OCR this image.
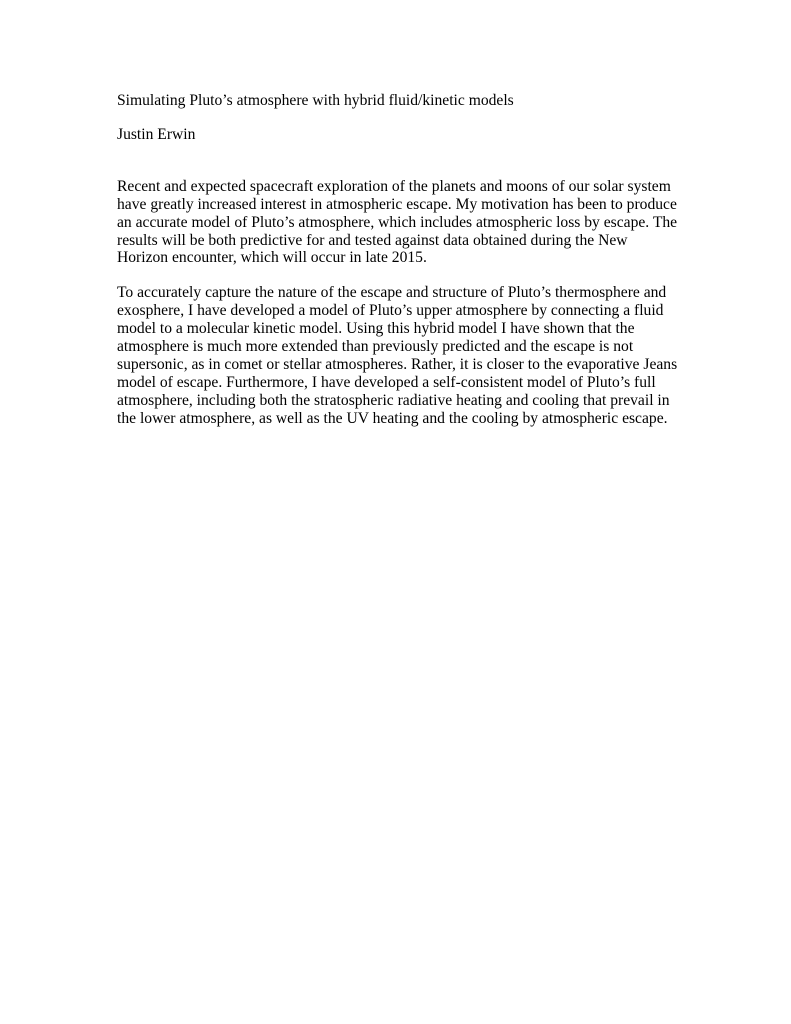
Simulating Pluto’s atmosphere with hybrid fluid/kinetic models

Justin Erwin

Recent and expected spacecraft exploration of the planets and moons of our solar system have greatly increased interest in atmospheric escape. My motivation has been to produce an accurate model of Pluto’s atmosphere, which includes atmospheric loss by escape. The results will be both predictive for and tested against data obtained during the New Horizon encounter, which will occur in late 2015.

To accurately capture the nature of the escape and structure of Pluto’s thermosphere and exosphere, I have developed a model of Pluto’s upper atmosphere by connecting a fluid model to a molecular kinetic model. Using this hybrid model I have shown that the atmosphere is much more extended than previously predicted and the escape is not supersonic, as in comet or stellar atmospheres. Rather, it is closer to the evaporative Jeans model of escape. Furthermore, I have developed a self-consistent model of Pluto’s full atmosphere, including both the stratospheric radiative heating and cooling that prevail in the lower atmosphere, as well as the UV heating and the cooling by atmospheric escape.
